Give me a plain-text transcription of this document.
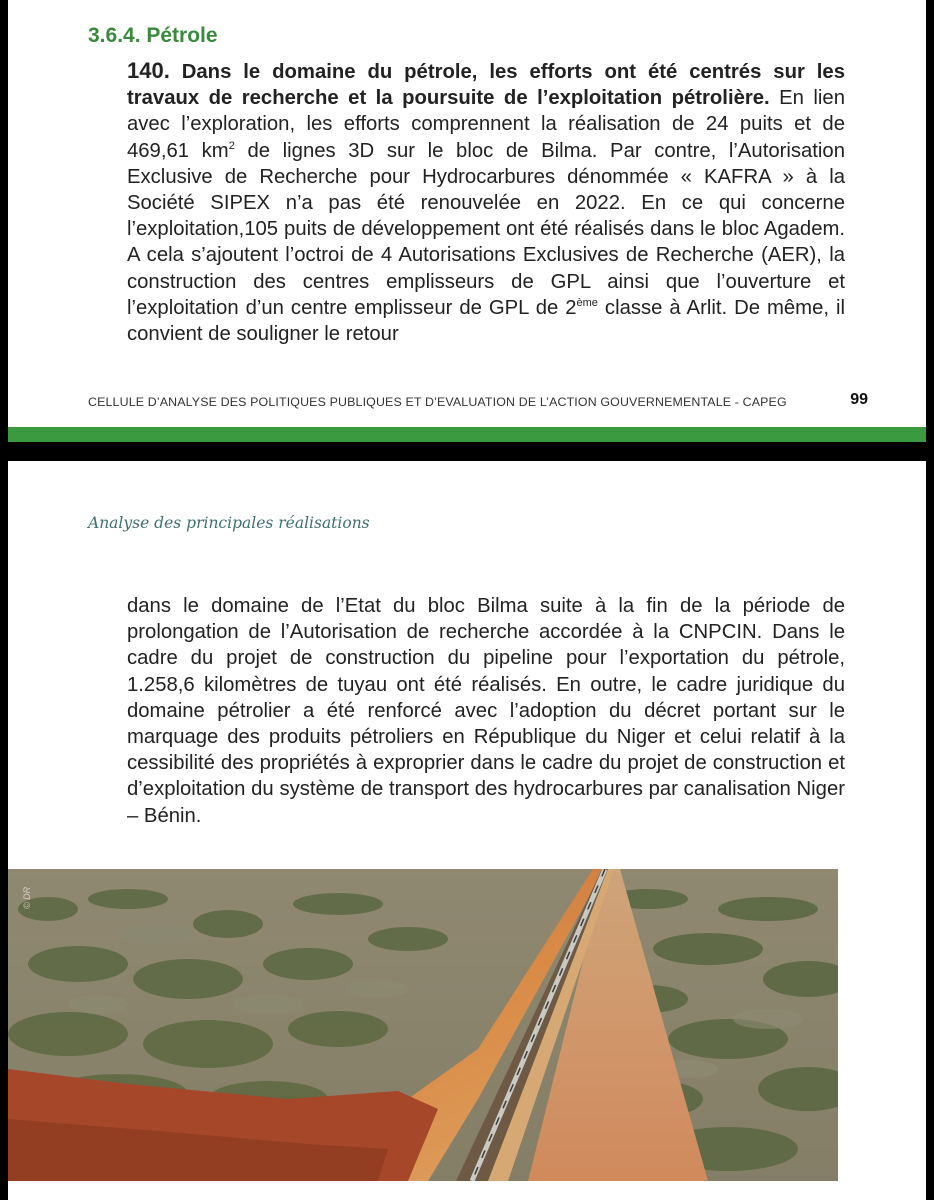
3.6.4. Pétrole

140. Dans le domaine du pétrole, les efforts ont été centrés sur les travaux de recherche et la poursuite de l’exploitation pétrolière. En lien avec l’exploration, les efforts comprennent la réalisation de 24 puits et de 469,61 $km^2$ de lignes 3D sur le bloc de Bilma. Par contre, l’Autorisation Exclusive de Recherche pour Hydrocarbures dénommée « KAFRA » à la Société SIPEX n’a pas été renouvelée en 2022. En ce qui concerne l’exploitation,105 puits de développement ont été réalisés dans le bloc Agadem. A cela s’ajoutent l’octroi de 4 Autorisations Exclusives de Recherche (AER), la construction des centres emplisseurs de GPL ainsi que l’ouverture et l’exploitation d’un centre emplisseur de GPL de 2ème classe à Arlit. De même, il convient de souligner le retour

CELLULE D’ANALYSE DES POLITIQUES PUBLIQUES ET D’EVALUATION DE L’ACTION GOUVERNEMENTALE - CAPEG	99
Analyse des principales réalisations

dans le domaine de l’Etat du bloc Bilma suite à la fin de la période de prolongation de l’Autorisation de recherche accordée à la CNPCIN. Dans le cadre du projet de construction du pipeline pour l’exportation du pétrole, 1.258,6 kilomètres de tuyau ont été réalisés. En outre, le cadre juridique du domaine pétrolier a été renforcé avec l’adoption du décret portant sur le marquage des produits pétroliers en République du Niger et celui relatif à la cessibilité des propriétés à exproprier dans le cadre du projet de construction et d’exploitation du système de transport des hydrocarbures par canalisation Niger – Bénin.
